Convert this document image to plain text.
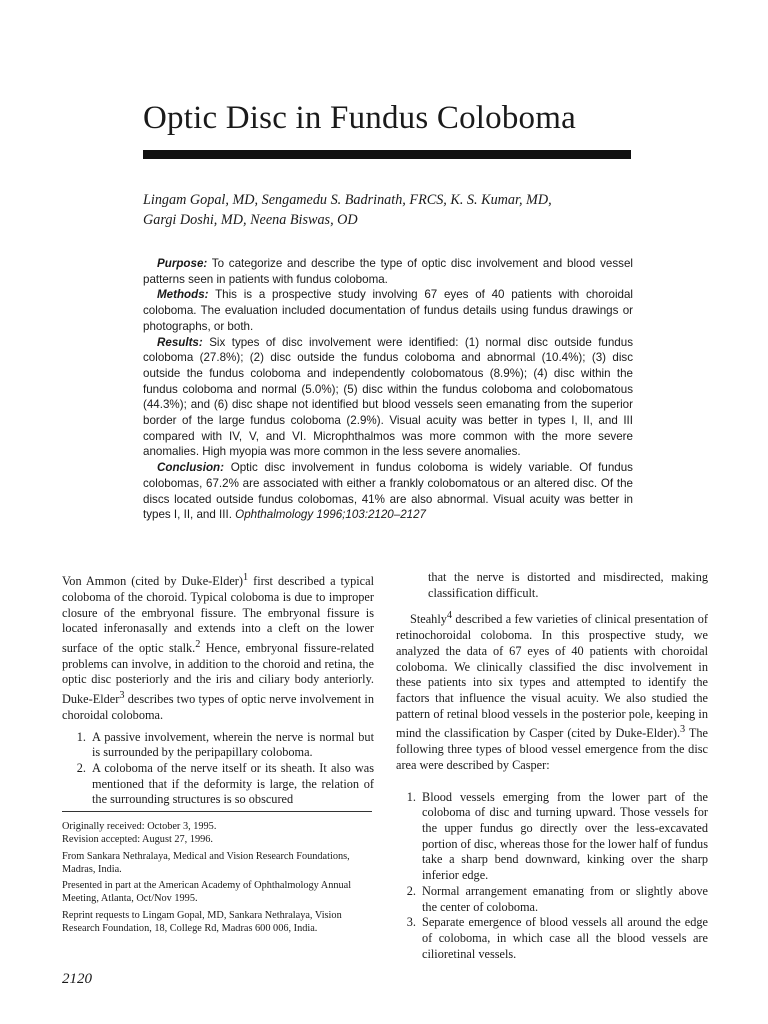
Optic Disc in Fundus Coloboma

Lingam Gopal, MD, Sengamedu S. Badrinath, FRCS, K. S. Kumar, MD,

Gargi Doshi, MD, Neena Biswas, OD

Purpose: To categorize and describe the type of optic disc involvement and blood vessel patterns seen in patients with fundus coloboma.

Methods: This is a prospective study involving 67 eyes of 40 patients with choroidal coloboma. The evaluation included documentation of fundus details using fundus drawings or photographs, or both.

Results: Six types of disc involvement were identified: (1) normal disc outside fundus coloboma (27.8%); (2) disc outside the fundus coloboma and abnormal (10.4%); (3) disc outside the fundus coloboma and independently colobomatous (8.9%); (4) disc within the fundus coloboma and normal (5.0%); (5) disc within the fundus coloboma and colobomatous (44.3%); and (6) disc shape not identified but blood vessels seen emanating from the superior border of the large fundus coloboma (2.9%). Visual acuity was better in types I, II, and III compared with IV, V, and VI. Microphthalmos was more common with the more severe anomalies. High myopia was more common in the less severe anomalies.

Conclusion: Optic disc involvement in fundus coloboma is widely variable. Of fundus colobomas, 67.2% are associated with either a frankly colobomatous or an altered disc. Of the discs located outside fundus colobomas, 41% are also abnormal. Visual acuity was better in types I, II, and III. Ophthalmology 1996;103:2120–2127

Von Ammon (cited by Duke-Elder)$^1$ first described a typical coloboma of the choroid. Typical coloboma is due to improper closure of the embryonal fissure. The embryonal fissure is located inferonasally and extends into a cleft on the lower surface of the optic stalk.$^2$ Hence, embryonal fissure-related problems can involve, in addition to the choroid and retina, the optic disc posteriorly and the iris and ciliary body anteriorly. Duke-Elder$^3$ describes two types of optic nerve involvement in choroidal coloboma.

1. A passive involvement, wherein the nerve is normal but is surrounded by the peripapillary coloboma.
2. A coloboma of the nerve itself or its sheath. It also was mentioned that if the deformity is large, the relation of the surrounding structures is so obscured

that the nerve is distorted and misdirected, making classification difficult.

Steahly$^4$ described a few varieties of clinical presentation of retinochoroidal coloboma. In this prospective study, we analyzed the data of 67 eyes of 40 patients with choroidal coloboma. We clinically classified the disc involvement in these patients into six types and attempted to identify the factors that influence the visual acuity. We also studied the pattern of retinal blood vessels in the posterior pole, keeping in mind the classification by Casper (cited by Duke-Elder).$^3$ The following three types of blood vessel emergence from the disc area were described by Casper:

1. Blood vessels emerging from the lower part of the coloboma of disc and turning upward. Those vessels for the upper fundus go directly over the less-excavated portion of disc, whereas those for the lower half of fundus take a sharp bend downward, kinking over the sharp inferior edge.
2. Normal arrangement emanating from or slightly above the center of coloboma.
3. Separate emergence of blood vessels all around the edge of coloboma, in which case all the blood vessels are cilioretinal vessels.

Originally received: October 3, 1995.

Revision accepted: August 27, 1996.

From Sankara Nethralaya, Medical and Vision Research Foundations, Madras, India.

Presented in part at the American Academy of Ophthalmology Annual Meeting, Atlanta, Oct/Nov 1995.

Reprint requests to Lingam Gopal, MD, Sankara Nethralaya, Vision Research Foundation, 18, College Rd, Madras 600 006, India.

2120
